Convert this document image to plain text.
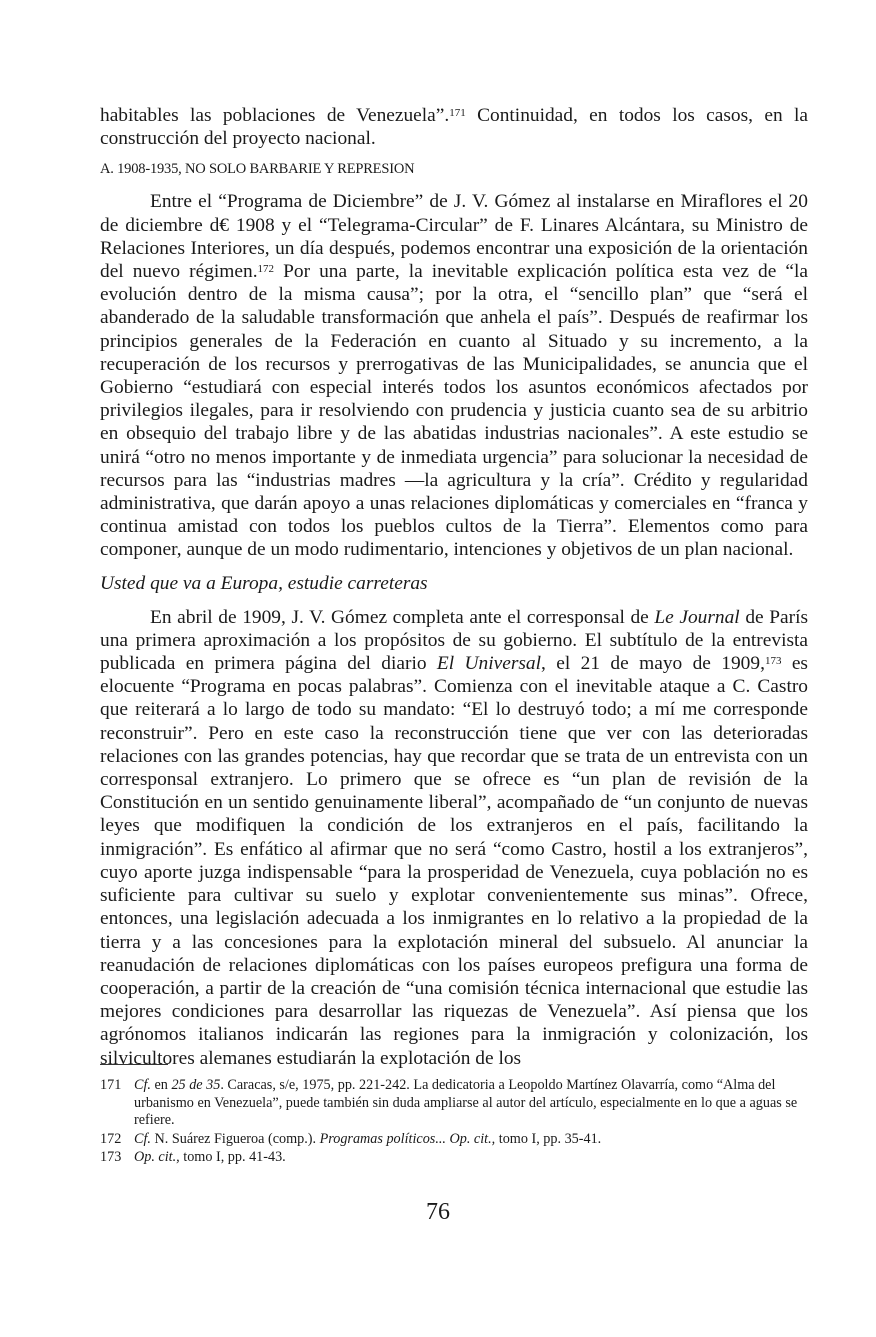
habitables las poblaciones de Venezuela”.$^{171}$ Continuidad, en todos los casos, en la construcción del proyecto nacional.

A. 1908-1935, NO SOLO BARBARIE Y REPRESION

Entre el “Programa de Diciembre” de J. V. Gómez al instalarse en Miraflores el 20 de diciembre d€ 1908 y el “Telegrama-Circular” de F. Linares Alcántara, su Ministro de Relaciones Interiores, un día después, podemos encontrar una exposición de la orientación del nuevo régimen.$^{172}$ Por una parte, la inevitable explicación política esta vez de “la evolución dentro de la misma causa”; por la otra, el “sencillo plan” que “será el abanderado de la saludable transformación que anhela el país”. Después de reafirmar los principios generales de la Federación en cuanto al Situado y su incremento, a la recuperación de los recursos y prerrogativas de las Municipalidades, se anuncia que el Gobierno “estudiará con especial interés todos los asuntos económicos afectados por privilegios ilegales, para ir resolviendo con prudencia y justicia cuanto sea de su arbitrio en obsequio del trabajo libre y de las abatidas industrias nacionales”. A este estudio se unirá “otro no menos importante y de inmediata urgencia” para solucionar la necesidad de recursos para las “industrias madres —la agricultura y la cría”. Crédito y regularidad administrativa, que darán apoyo a unas relaciones diplomáticas y comerciales en “franca y continua amistad con todos los pueblos cultos de la Tierra”. Elementos como para componer, aunque de un modo rudimentario, intenciones y objetivos de un plan nacional.

Usted que va a Europa, estudie carreteras

En abril de 1909, J. V. Gómez completa ante el corresponsal de Le Journal de París una primera aproximación a los propósitos de su gobierno. El subtítulo de la entrevista publicada en primera página del diario El Universal, el 21 de mayo de 1909,$^{173}$ es elocuente “Programa en pocas palabras”. Comienza con el inevitable ataque a C. Castro que reiterará a lo largo de todo su mandato: “El lo destruyó todo; a mí me corresponde reconstruir”. Pero en este caso la reconstrucción tiene que ver con las deterioradas relaciones con las grandes potencias, hay que recordar que se trata de un entrevista con un corresponsal extranjero. Lo primero que se ofrece es “un plan de revisión de la Constitución en un sentido genuinamente liberal”, acompañado de “un conjunto de nuevas leyes que modifiquen la condición de los extranjeros en el país, facilitando la inmigración”. Es enfático al afirmar que no será “como Castro, hostil a los extranjeros”, cuyo aporte juzga indispensable “para la prosperidad de Venezuela, cuya población no es suficiente para cultivar su suelo y explotar convenientemente sus minas”. Ofrece, entonces, una legislación adecuada a los inmigrantes en lo relativo a la propiedad de la tierra y a las concesiones para la explotación mineral del subsuelo. Al anunciar la reanudación de relaciones diplomáticas con los países europeos prefigura una forma de cooperación, a partir de la creación de “una comisión técnica internacional que estudie las mejores condiciones para desarrollar las riquezas de Venezuela”. Así piensa que los agrónomos italianos indicarán las regiones para la inmigración y colonización, los silvicultores alemanes estudiarán la explotación de los

171 Cf. en 25 de 35. Caracas, s/e, 1975, pp. 221-242. La dedicatoria a Leopoldo Martínez Olavarría, como “Alma del urbanismo en Venezuela”, puede también sin duda ampliarse al autor del artículo, especialmente en lo que a aguas se refiere.
172 Cf. N. Suárez Figueroa (comp.). Programas políticos... Op. cit., tomo I, pp. 35-41.
173 Op. cit., tomo I, pp. 41-43.
76
